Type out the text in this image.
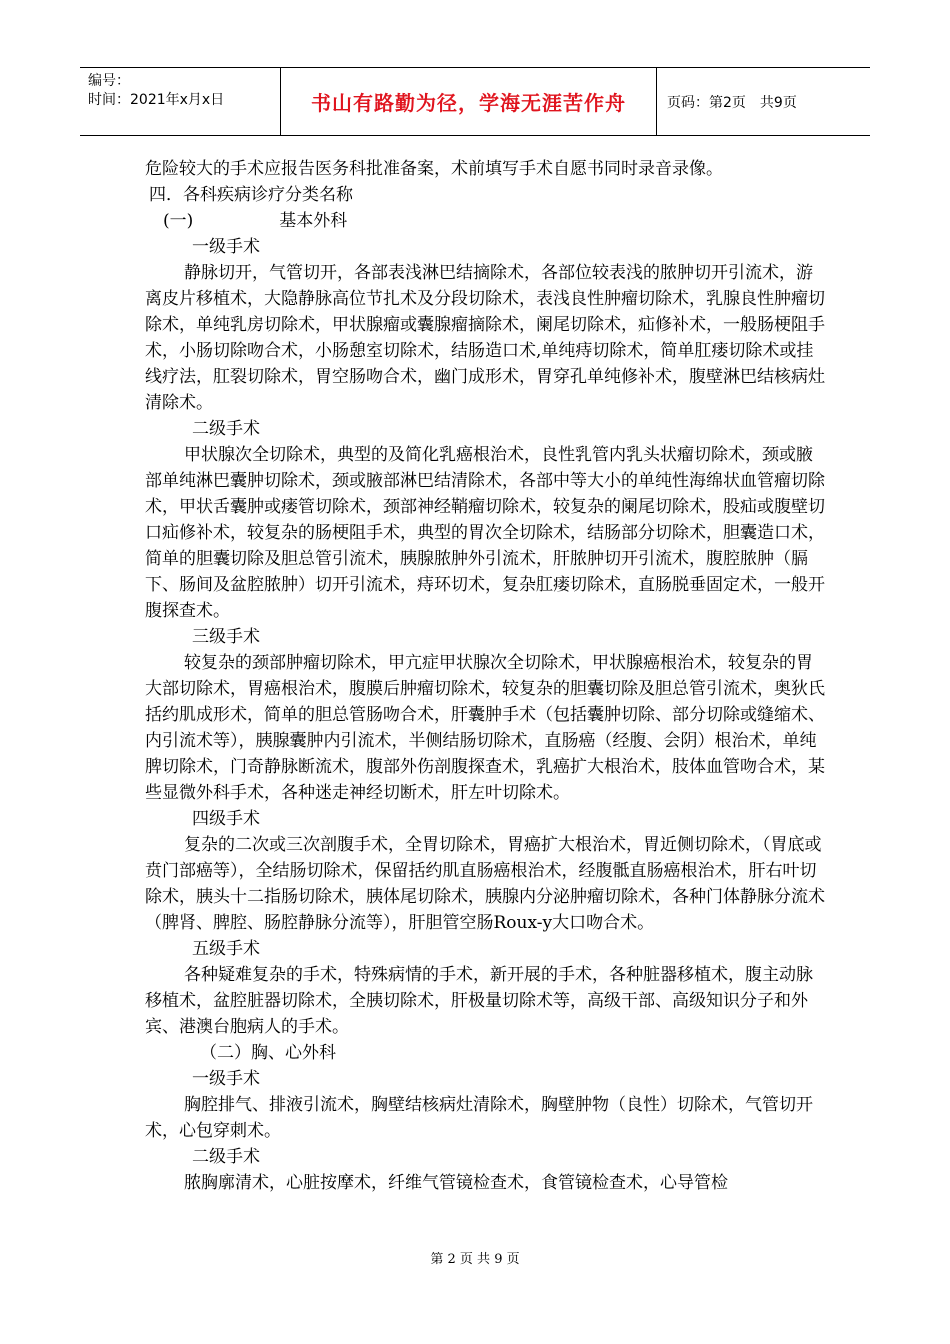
编号：
时间：2021年x月x日	书山有路勤为径，学海无涯苦作舟	页码：第2页 共9页

危险较大的手术应报告医务科批准备案，术前填写手术自愿书同时录音录像。

四．各科疾病诊疗分类名称

(一)	基本外科

一级手术

静脉切开，气管切开，各部表浅淋巴结摘除术，各部位较表浅的脓肿切开引流术，游离皮片移植术，大隐静脉高位节扎术及分段切除术，表浅良性肿瘤切除术，乳腺良性肿瘤切除术，单纯乳房切除术，甲状腺瘤或囊腺瘤摘除术，阑尾切除术，疝修补术，一般肠梗阻手术，小肠切除吻合术，小肠憩室切除术，结肠造口术,单纯痔切除术，简单肛瘘切除术或挂线疗法，肛裂切除术，胃空肠吻合术，幽门成形术，胃穿孔单纯修补术，腹壁淋巴结核病灶清除术。

二级手术

甲状腺次全切除术，典型的及简化乳癌根治术，良性乳管内乳头状瘤切除术，颈或腋部单纯淋巴囊肿切除术，颈或腋部淋巴结清除术，各部中等大小的单纯性海绵状血管瘤切除术，甲状舌囊肿或瘘管切除术，颈部神经鞘瘤切除术，较复杂的阑尾切除术，股疝或腹壁切口疝修补术，较复杂的肠梗阻手术，典型的胃次全切除术，结肠部分切除术，胆囊造口术，简单的胆囊切除及胆总管引流术，胰腺脓肿外引流术，肝脓肿切开引流术，腹腔脓肿（膈下、肠间及盆腔脓肿）切开引流术，痔环切术，复杂肛瘘切除术，直肠脱垂固定术，一般开腹探查术。

三级手术

较复杂的颈部肿瘤切除术，甲亢症甲状腺次全切除术，甲状腺癌根治术，较复杂的胃大部切除术，胃癌根治术，腹膜后肿瘤切除术，较复杂的胆囊切除及胆总管引流术，奥狄氏括约肌成形术，简单的胆总管肠吻合术，肝囊肿手术（包括囊肿切除、部分切除或缝缩术、内引流术等），胰腺囊肿内引流术，半侧结肠切除术，直肠癌（经腹、会阴）根治术，单纯脾切除术，门奇静脉断流术，腹部外伤剖腹探查术，乳癌扩大根治术，肢体血管吻合术，某些显微外科手术，各种迷走神经切断术，肝左叶切除术。

四级手术

复杂的二次或三次剖腹手术，全胃切除术，胃癌扩大根治术，胃近侧切除术，（胃底或贲门部癌等），全结肠切除术，保留括约肌直肠癌根治术，经腹骶直肠癌根治术，肝右叶切除术，胰头十二指肠切除术，胰体尾切除术，胰腺内分泌肿瘤切除术，各种门体静脉分流术（脾肾、脾腔、肠腔静脉分流等），肝胆管空肠Roux-y大口吻合术。

五级手术

各种疑难复杂的手术，特殊病情的手术，新开展的手术，各种脏器移植术，腹主动脉移植术，盆腔脏器切除术，全胰切除术，肝极量切除术等，高级干部、高级知识分子和外宾、港澳台胞病人的手术。

（二）胸、心外科

一级手术

胸腔排气、排液引流术，胸壁结核病灶清除术，胸壁肿物（良性）切除术，气管切开术，心包穿刺术。

二级手术

脓胸廓清术，心脏按摩术，纤维气管镜检查术，食管镜检查术，心导管检

第 2 页 共 9 页
